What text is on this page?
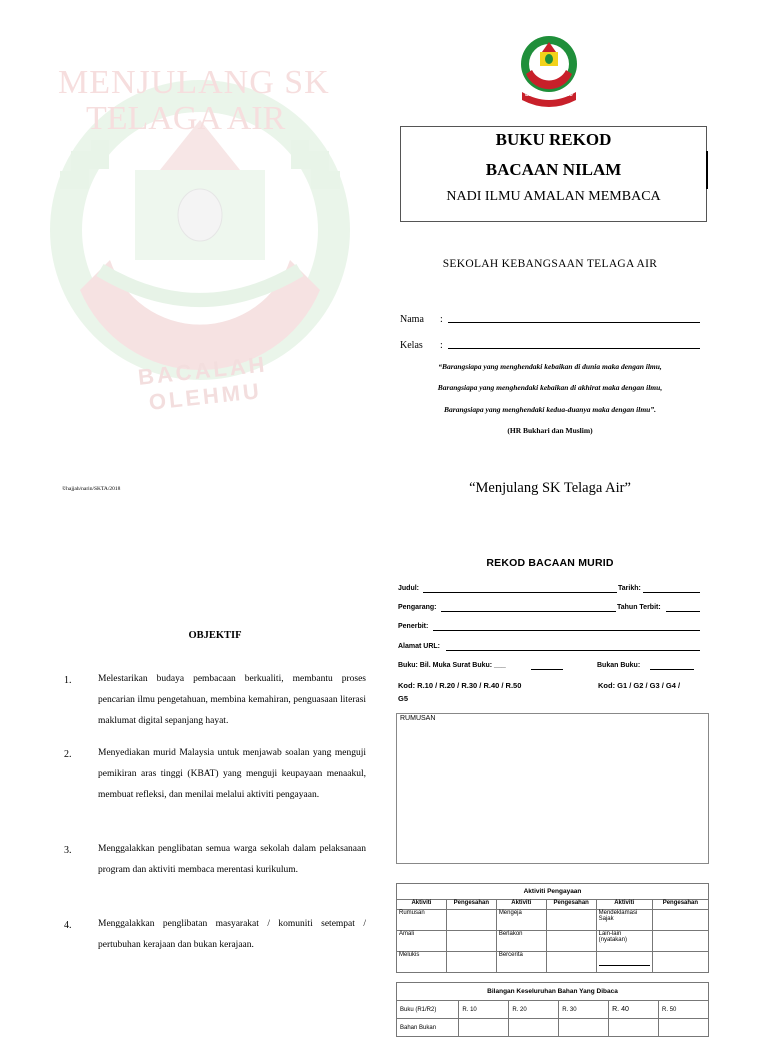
MENJULANG SK
TELAGA AIR
BACALAH OLEHMU
BACALAH OLEHMU
BUKU REKOD
BACAAN NILAM
NADI ILMU AMALAN MEMBACA
SEKOLAH KEBANGSAAN TELAGA AIR
Nama :
Kelas :
“Barangsiapa yang menghendaki kebaikan di dunia maka dengan ilmu,
Barangsiapa yang menghendaki kebaikan di akhirat maka dengan ilmu,
Barangsiapa yang menghendaki kedua-duanya maka dengan ilmu”.
(HR Bukhari dan Muslim)
©hajjah/narin/SKTA/2018	“Menjulang SK Telaga Air”
OBJEKTIF
1.	Melestarikan budaya pembacaan berkualiti, membantu proses pencarian ilmu pengetahuan, membina kemahiran, penguasaan literasi maklumat digital sepanjang hayat.
2.	Menyediakan murid Malaysia untuk menjawab soalan yang menguji pemikiran aras tinggi (KBAT) yang menguji keupayaan menaakul, membuat refleksi, dan menilai melalui aktiviti pengayaan.
3.	Menggalakkan penglibatan semua warga sekolah dalam pelaksanaan program dan aktiviti membaca merentasi kurikulum.
4.	Menggalakkan penglibatan masyarakat / komuniti setempat / pertubuhan kerajaan dan bukan kerajaan.
REKOD BACAAN MURID
Judul:	Tarikh:
Pengarang:	Tahun Terbit:
Penerbit:
Alamat URL:
Buku: Bil. Muka Surat Buku: ___	Bukan Buku:
Kod: R.10 / R.20 / R.30 / R.40 / R.50	Kod: G1 / G2 / G3 / G4 /
G5
RUMUSAN
Aktiviti Pengayaan					
Aktiviti	Pengesahan	Aktiviti	Pengesahan	Aktiviti	Pengesahan
Rumusan		Mengeja		Mendeklamasi Sajak	
Amali		Berlakon		Lain-lain (nyatakan)	
Melukis		Bercerita		

Bilangan Keseluruhan Bahan Yang Dibaca					
Buku (R1/R2)	R. 10	R. 20	R. 30	R. 40	R. 50
Bahan Bukan					
